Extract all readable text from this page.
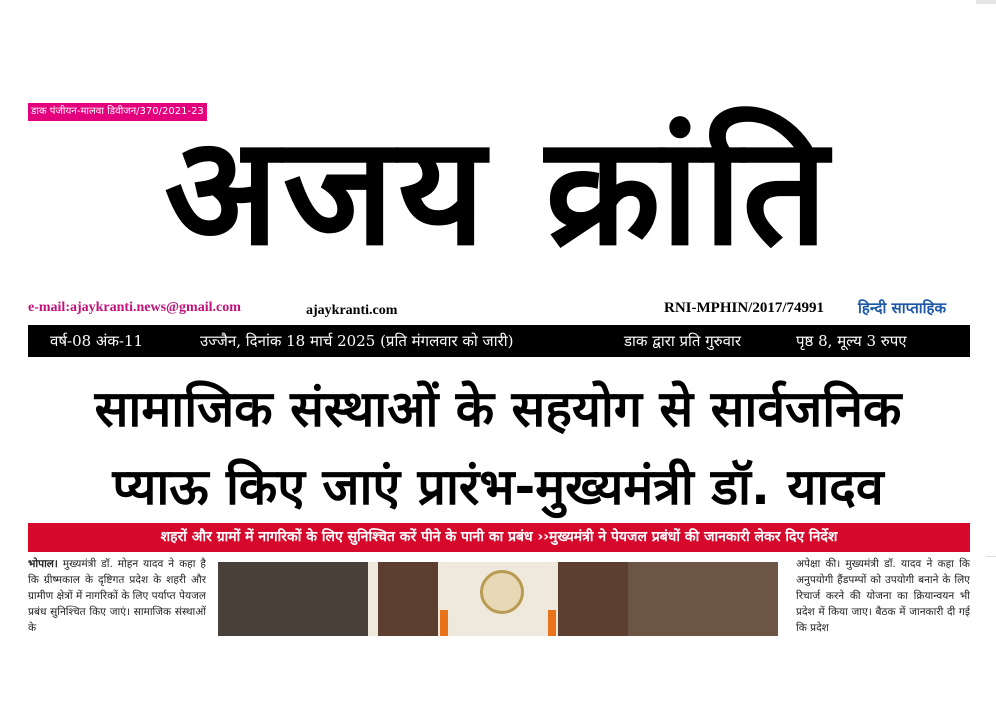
डाक पंजीयन-मालवा डिवीजन/370/2021-23
अजय क्रांति
e-mail:ajaykranti.news@gmail.com	ajaykranti.com	RNI-MPHIN/2017/74991 हिन्दी साप्ताहिक
वर्ष-08 अंक-11	उज्जैन, दिनांक 18 मार्च 2025 (प्रति मंगलवार को जारी)	डाक द्वारा प्रति गुरुवार	पृष्ठ 8, मूल्य 3 रुपए
सामाजिक संस्थाओं के सहयोग से सार्वजनिक
प्याऊ किए जाएं प्रारंभ-मुख्यमंत्री डॉ. यादव
शहरों और ग्रामों में नागरिकों के लिए सुनिश्चित करें पीने के पानी का प्रबंध ››मुख्यमंत्री ने पेयजल प्रबंधों की जानकारी लेकर दिए निर्देश
भोपाल। मुख्यमंत्री डॉ. मोहन यादव ने कहा है कि ग्रीष्मकाल के दृष्टिगत प्रदेश के शहरी और ग्रामीण क्षेत्रों में नागरिकों के लिए पर्याप्त पेयजल प्रबंध सुनिश्चित किए जाएं। सामाजिक संस्थाओं के
अपेक्षा की। मुख्यमंत्री डॉ. यादव ने कहा कि अनुपयोगी हैंडपम्पों को उपयोगी बनाने के लिए रिचार्ज करने की योजना का क्रियान्वयन भी प्रदेश में किया जाए। बैठक में जानकारी दी गई कि प्रदेश
